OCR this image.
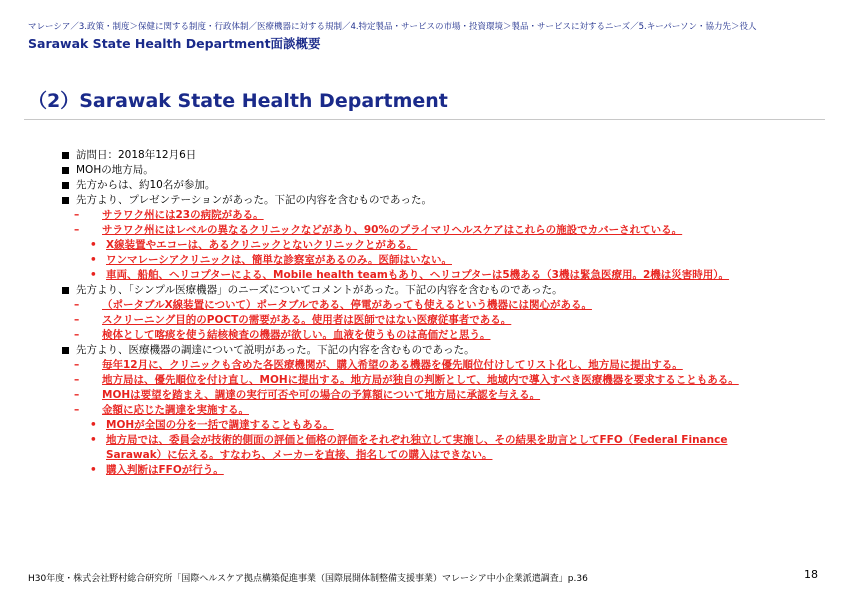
マレーシア／3.政策・制度＞保健に関する制度・行政体制／医療機器に対する規制／4.特定製品・サービスの市場・投資環境＞製品・サービスに対するニーズ／5.キーパーソン・協力先＞役人
Sarawak State Health Department面談概要
（2）Sarawak State Health Department
訪問日：2018年12月6日
MOHの地方局。
先方からは、約10名が参加。
先方より、プレゼンテーションがあった。下記の内容を含むものであった。
– サラワク州には23の病院がある。
– サラワク州にはレベルの異なるクリニックなどがあり、90%のプライマリヘルスケアはこれらの施設でカバーされている。
• X線装置やエコーは、あるクリニックとないクリニックとがある。
• ワンマレーシアクリニックは、簡単な診察室があるのみ。医師はいない。
• 車両、船舶、ヘリコプターによる、Mobile health teamもあり、ヘリコプターは5機ある（3機は緊急医療用。2機は災害時用）。
先方より、「シンプル医療機器」のニーズについてコメントがあった。下記の内容を含むものであった。
– （ポータブルX線装置について）ポータブルである、停電があっても使えるという機器には関心がある。
– スクリーニング目的のPOCTの需要がある。使用者は医師ではない医療従事者である。
– 検体として喀痰を使う結核検査の機器が欲しい。血液を使うものは高価だと思う。
先方より、医療機器の調達について説明があった。下記の内容を含むものであった。
– 毎年12月に、クリニックも含めた各医療機関が、購入希望のある機器を優先順位付けしてリスト化し、地方局に提出する。
– 地方局は、優先順位を付け直し、MOHに提出する。地方局が独自の判断として、地域内で導入すべき医療機器を要求することもある。
– MOHは要望を踏まえ、調達の実行可否や可の場合の予算額について地方局に承認を与える。
– 金額に応じた調達を実施する。
• MOHが全国の分を一括で調達することもある。
• 地方局では、委員会が技術的側面の評価と価格の評価をそれぞれ独立して実施し、その結果を助言としてFFO（Federal Finance Sarawak）に伝える。すなわち、メーカーを直接、指名しての購入はできない。
• 購入判断はFFOが行う。
H30年度・株式会社野村総合研究所「国際ヘルスケア拠点構築促進事業（国際展開体制整備支援事業）マレーシア中小企業派遣調査」p.36	18
